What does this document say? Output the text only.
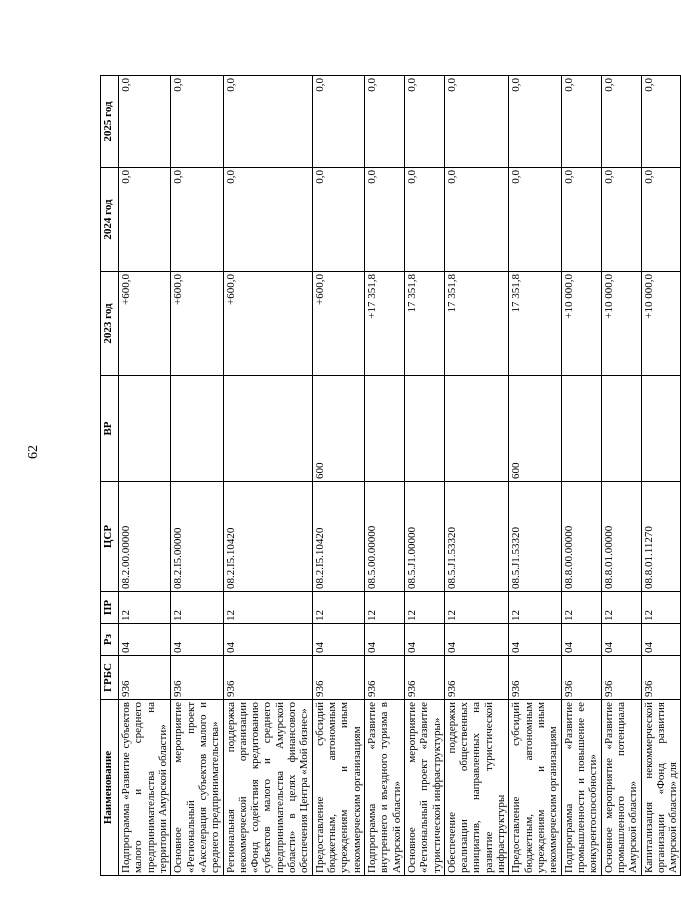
62
Наименование	ГРБС	Рз	ПР	ЦСР	ВР	2023 год	2024 год	2025 год
Подпрограмма «Развитие субъектов малого и среднего предпринимательства на территории Амурской области»	936	04	12	08.2.00.00000		+600,0	0,0	0,0
Основное мероприятие «Региональный проект «Акселерация субъектов малого и среднего предпринимательства»	936	04	12	08.2.I5.00000		+600,0	0,0	0,0
Региональная поддержка некоммерческой организации «Фонд содействия кредитованию субъектов малого и среднего предпринимательства Амурской области» в целях финансового обеспечения Центра «Мой бизнес»	936	04	12	08.2.I5.10420		+600,0	0,0	0,0
Предоставление субсидий бюджетным, автономным учреждениям и иным некоммерческим организациям	936	04	12	08.2.I5.10420	600	+600,0	0,0	0,0
Подпрограмма «Развитие внутреннего и въездного туризма в Амурской области»	936	04	12	08.5.00.00000		+17 351,8	0,0	0,0
Основное мероприятие «Региональный проект «Развитие туристической инфраструктуры»	936	04	12	08.5.J1.00000		17 351,8	0,0	0,0
Обеспечение поддержки реализации общественных инициатив, направленных на развитие туристической инфраструктуры	936	04	12	08.5.J1.53320		17 351,8	0,0	0,0
Предоставление субсидий бюджетным, автономным учреждениям и иным некоммерческим организациям	936	04	12	08.5.J1.53320	600	17 351,8	0,0	0,0
Подпрограмма «Развитие промышленности и повышение ее конкурентоспособности»	936	04	12	08.8.00.00000		+10 000,0	0,0	0,0
Основное мероприятие «Развитие промышленного потенциала Амурской области»	936	04	12	08.8.01.00000		+10 000,0	0,0	0,0
Капитализация некоммерческой организации «Фонд развития Амурской области» для	936	04	12	08.8.01.11270		+10 000,0	0,0	0,0
